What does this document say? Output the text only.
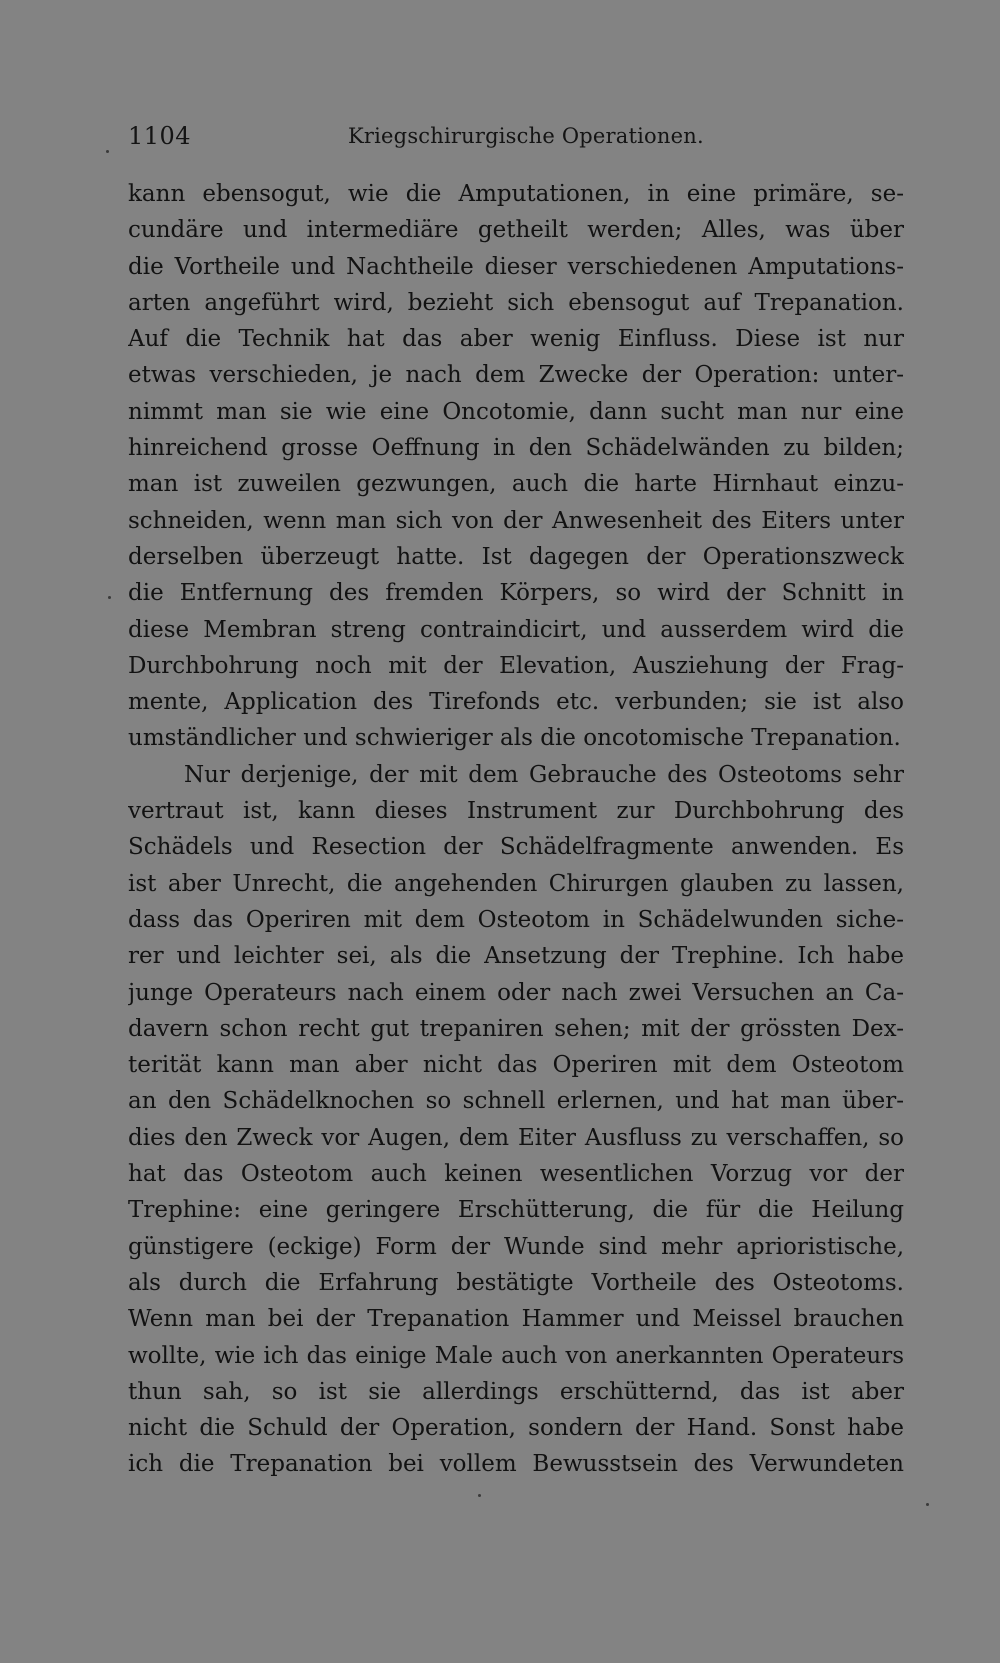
1104	Kriegschirurgische Operationen.
kann ebensogut, wie die Amputationen, in eine primäre, se-
cundäre und intermediäre getheilt werden; Alles, was über
die Vortheile und Nachtheile dieser verschiedenen Amputations-
arten angeführt wird, bezieht sich ebensogut auf Trepanation.
Auf die Technik hat das aber wenig Einfluss. Diese ist nur
etwas verschieden, je nach dem Zwecke der Operation: unter-
nimmt man sie wie eine Oncotomie, dann sucht man nur eine
hinreichend grosse Oeffnung in den Schädelwänden zu bilden;
man ist zuweilen gezwungen, auch die harte Hirnhaut einzu-
schneiden, wenn man sich von der Anwesenheit des Eiters unter
derselben überzeugt hatte. Ist dagegen der Operationszweck
die Entfernung des fremden Körpers, so wird der Schnitt in
diese Membran streng contraindicirt, und ausserdem wird die
Durchbohrung noch mit der Elevation, Ausziehung der Frag-
mente, Application des Tirefonds etc. verbunden; sie ist also
umständlicher und schwieriger als die oncotomische Trepanation.
Nur derjenige, der mit dem Gebrauche des Osteotoms sehr
vertraut ist, kann dieses Instrument zur Durchbohrung des
Schädels und Resection der Schädelfragmente anwenden. Es
ist aber Unrecht, die angehenden Chirurgen glauben zu lassen,
dass das Operiren mit dem Osteotom in Schädelwunden siche-
rer und leichter sei, als die Ansetzung der Trephine. Ich habe
junge Operateurs nach einem oder nach zwei Versuchen an Ca-
davern schon recht gut trepaniren sehen; mit der grössten Dex-
terität kann man aber nicht das Operiren mit dem Osteotom
an den Schädelknochen so schnell erlernen, und hat man über-
dies den Zweck vor Augen, dem Eiter Ausfluss zu verschaffen, so
hat das Osteotom auch keinen wesentlichen Vorzug vor der
Trephine: eine geringere Erschütterung, die für die Heilung
günstigere (eckige) Form der Wunde sind mehr aprioristische,
als durch die Erfahrung bestätigte Vortheile des Osteotoms.
Wenn man bei der Trepanation Hammer und Meissel brauchen
wollte, wie ich das einige Male auch von anerkannten Operateurs
thun sah, so ist sie allerdings erschütternd, das ist aber
nicht die Schuld der Operation, sondern der Hand. Sonst habe
ich die Trepanation bei vollem Bewusstsein des Verwundeten
